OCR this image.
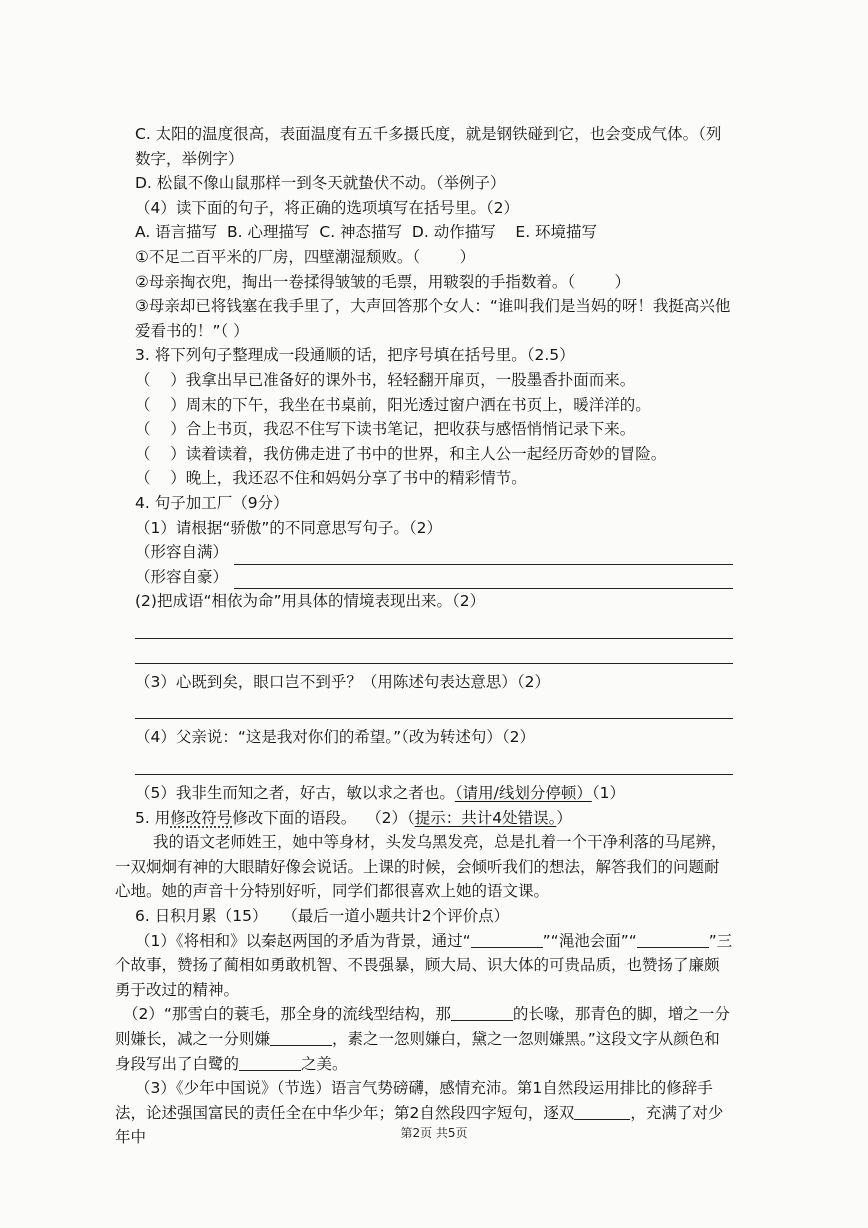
C. 太阳的温度很高，表面温度有五千多摄氏度，就是钢铁碰到它，也会变成气体。（列数字，举例字）

D. 松鼠不像山鼠那样一到冬天就蛰伏不动。（举例子）

（4）读下面的句子，将正确的选项填写在括号里。（2）

A. 语言描写  B. 心理描写  C. 神态描写  D. 动作描写    E. 环境描写

①不足二百平米的厂房，四壁潮湿颓败。（        ）

②母亲掏衣兜，掏出一卷揉得皱皱的毛票，用皲裂的手指数着。（        ）

③母亲却已将钱塞在我手里了，大声回答那个女人：“谁叫我们是当妈的呀！我挺高兴他爱看书的！”（ ）

3. 将下列句子整理成一段通顺的话，把序号填在括号里。（2.5）

（    ）我拿出早已准备好的课外书，轻轻翻开扉页，一股墨香扑面而来。

（    ）周末的下午，我坐在书桌前，阳光透过窗户洒在书页上，暖洋洋的。

（    ）合上书页，我忍不住写下读书笔记，把收获与感悟悄悄记录下来。

（    ）读着读着，我仿佛走进了书中的世界，和主人公一起经历奇妙的冒险。

（    ）晚上，我还忍不住和妈妈分享了书中的精彩情节。

4. 句子加工厂（9分）

（1）请根据“骄傲”的不同意思写句子。（2）

（形容自满）
（形容自豪）

(2)把成语“相依为命”用具体的情境表现出来。（2）

（3）心既到矣，眼口岂不到乎？（用陈述句表达意思）（2）

（4）父亲说：“这是我对你们的希望。”（改为转述句）（2）

（5）我非生而知之者，好古，敏以求之者也。（请用/线划分停顿）（1）

5. 用修改符号修改下面的语段。  （2）（提示：共计4处错误。）

我的语文老师姓王，她中等身材，头发乌黑发亮，总是扎着一个干净利落的马尾辨，一双炯炯有神的大眼睛好像会说话。上课的时候，会倾听我们的想法，解答我们的问题耐心地。她的声音十分特别好听，同学们都很喜欢上她的语文课。

6. 日积月累（15）   （最后一道小题共计2个评价点）

（1）《将相和》以秦赵两国的矛盾为背景，通过“	”“渑池会面”“	”三个故事，赞扬了蔺相如勇敢机智、不畏强暴，顾大局、识大体的可贵品质，也赞扬了廉颇勇于改过的精神。

（2）“那雪白的蓑毛，那全身的流线型结构，那	的长喙，那青色的脚，增之一分则嫌长，减之一分则嫌	，素之一忽则嫌白，黛之一忽则嫌黑。”这段文字从颜色和身段写出了白鹭的	之美。

（3）《少年中国说》（节选）语言气势磅礴，感情充沛。第1自然段运用排比的修辞手法，论述强国富民的责任全在中华少年；第2自然段四字短句，逐双	，充满了对少年中	第2页 共5页
